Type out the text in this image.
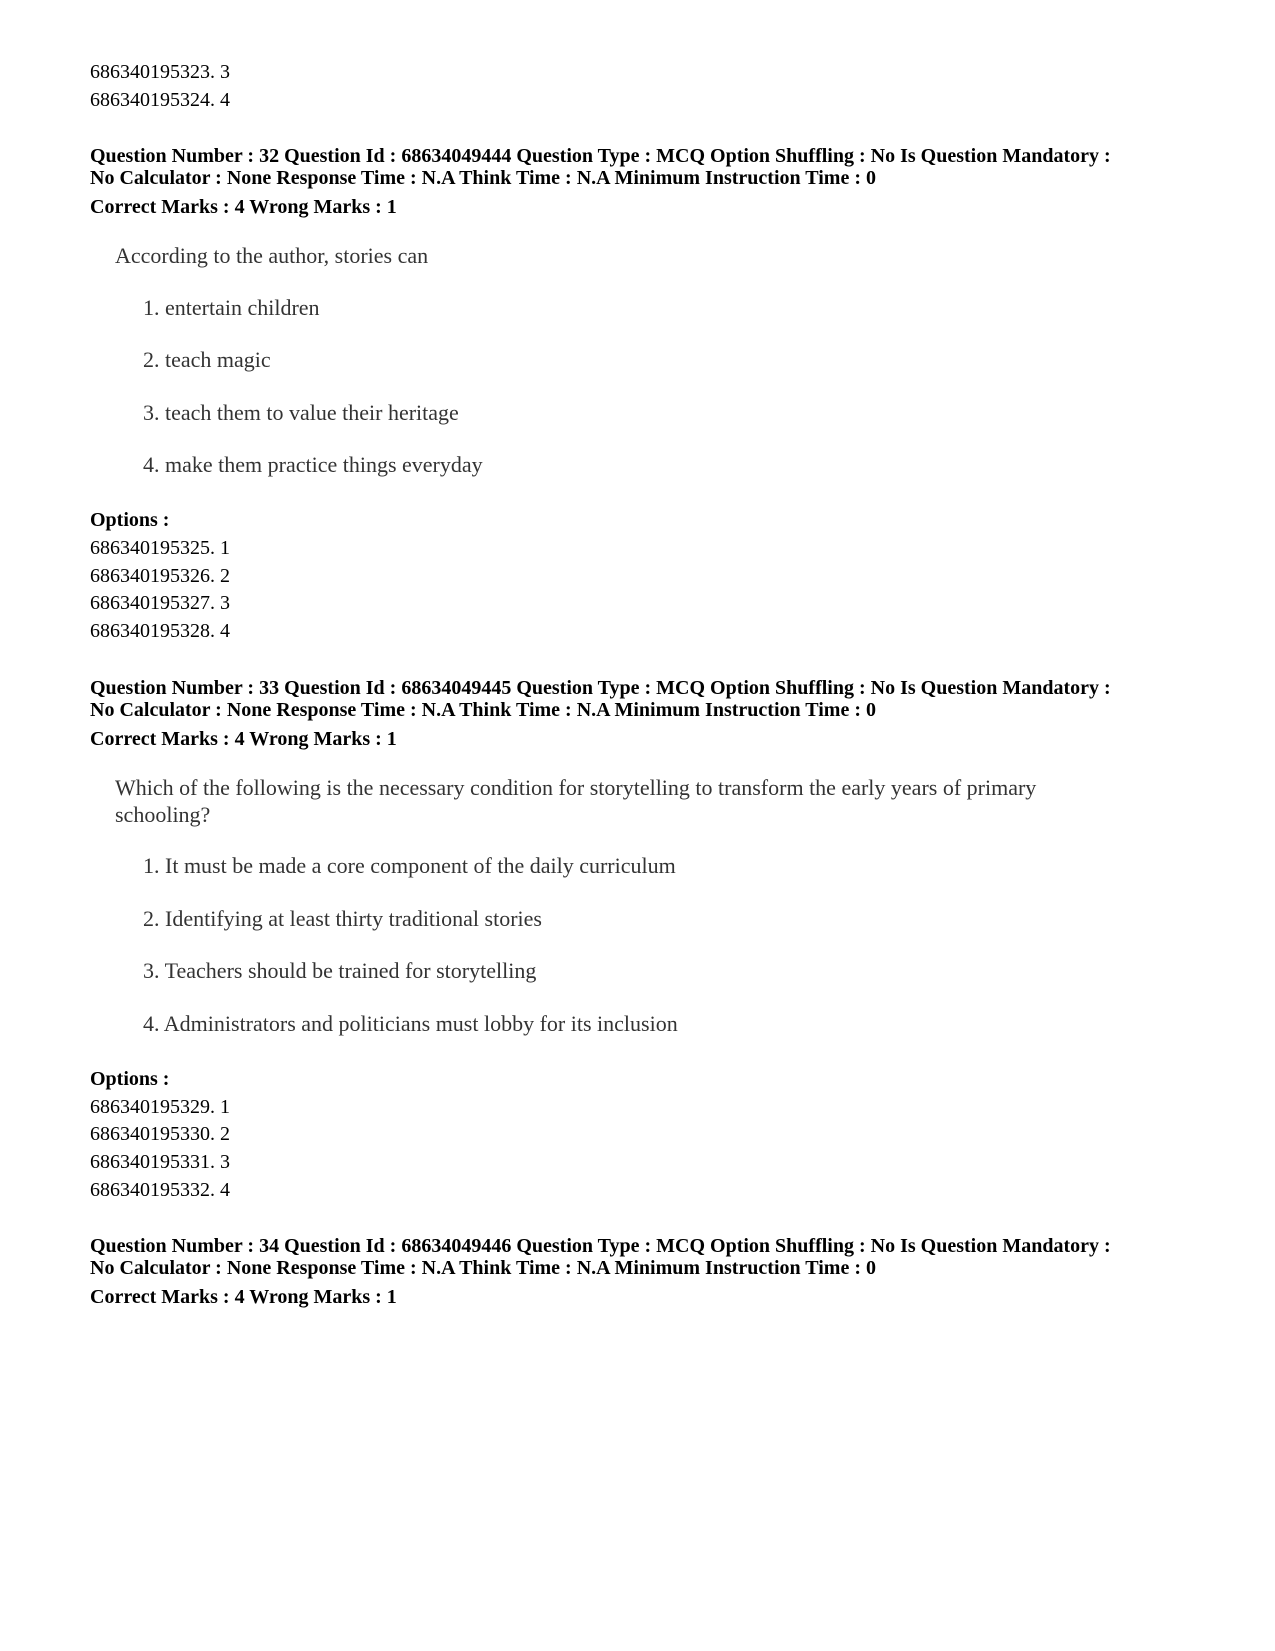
686340195323. 3
686340195324. 4
Question Number : 32 Question Id : 68634049444 Question Type : MCQ Option Shuffling : No Is Question Mandatory :
No Calculator : None Response Time : N.A Think Time : N.A Minimum Instruction Time : 0
Correct Marks : 4 Wrong Marks : 1
According to the author, stories can
1. entertain children
2. teach magic
3. teach them to value their heritage
4. make them practice things everyday
Options :
686340195325. 1
686340195326. 2
686340195327. 3
686340195328. 4
Question Number : 33 Question Id : 68634049445 Question Type : MCQ Option Shuffling : No Is Question Mandatory :
No Calculator : None Response Time : N.A Think Time : N.A Minimum Instruction Time : 0
Correct Marks : 4 Wrong Marks : 1
Which of the following is the necessary condition for storytelling to transform the early years of primary
schooling?
1. It must be made a core component of the daily curriculum
2. Identifying at least thirty traditional stories
3. Teachers should be trained for storytelling
4. Administrators and politicians must lobby for its inclusion
Options :
686340195329. 1
686340195330. 2
686340195331. 3
686340195332. 4
Question Number : 34 Question Id : 68634049446 Question Type : MCQ Option Shuffling : No Is Question Mandatory :
No Calculator : None Response Time : N.A Think Time : N.A Minimum Instruction Time : 0
Correct Marks : 4 Wrong Marks : 1
